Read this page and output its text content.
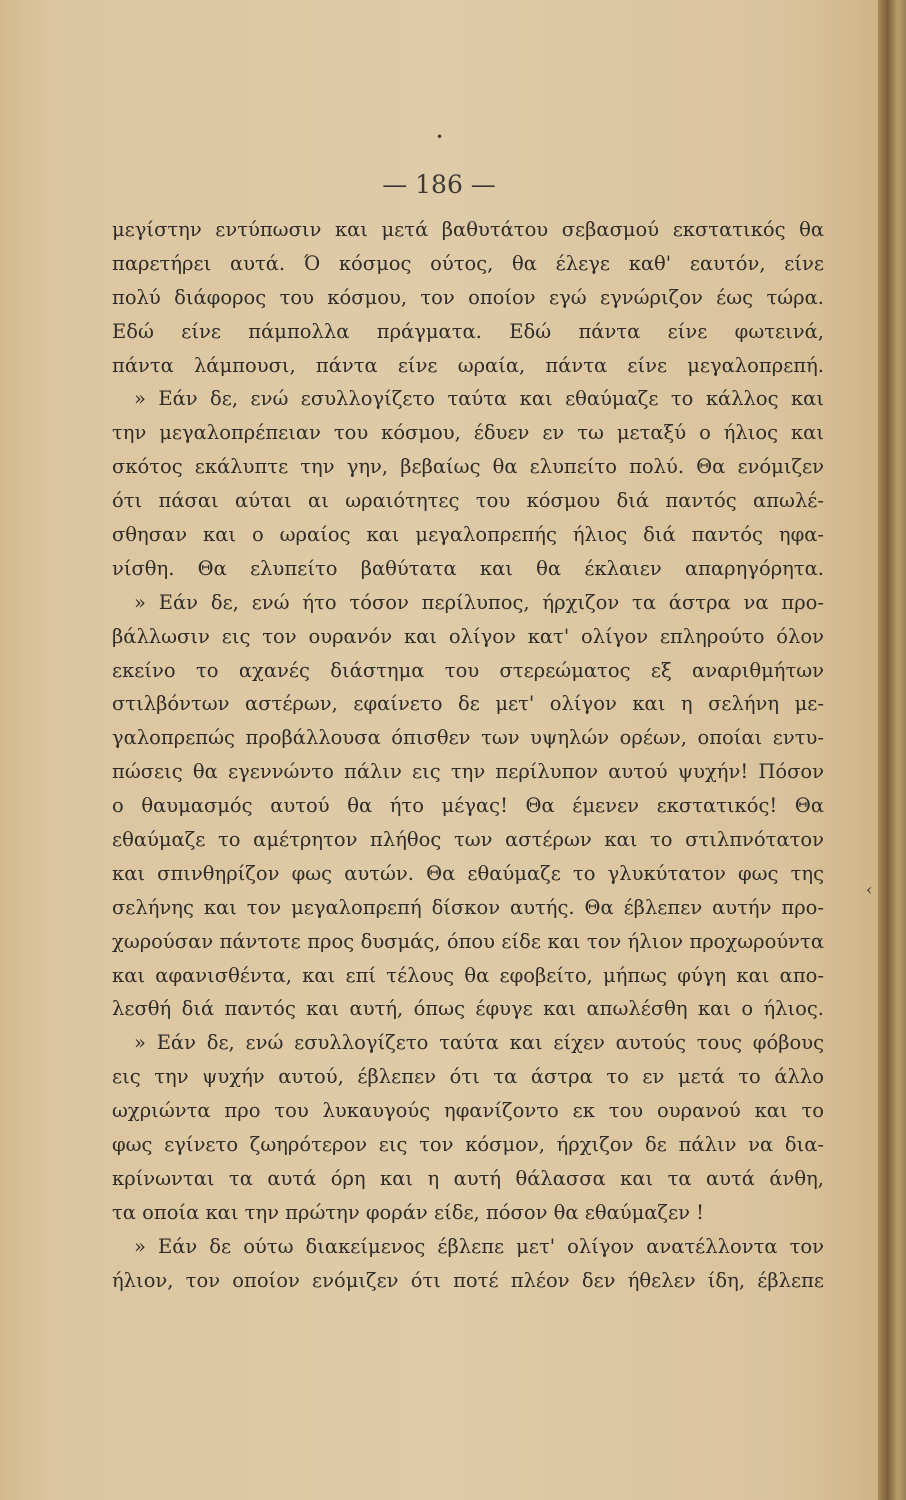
•
— 186 —
‹
μεγίστην εντύπωσιν και μετά βαθυτάτου σεβασμού εκστατικός θα
παρετήρει αυτά. Ό κόσμος ούτος, θα έλεγε καθ' εαυτόν, είνε
πολύ διάφορος του κόσμου, τον οποίον εγώ εγνώριζον έως τώρα.
Εδώ είνε πάμπολλα πράγματα. Εδώ πάντα είνε φωτεινά,
πάντα λάμπουσι, πάντα είνε ωραία, πάντα είνε μεγαλοπρεπή.
» Εάν δε, ενώ εσυλλογίζετο ταύτα και εθαύμαζε το κάλλος και
την μεγαλοπρέπειαν του κόσμου, έδυεν εν τω μεταξύ ο ήλιος και
σκότος εκάλυπτε την γην, βεβαίως θα ελυπείτο πολύ. Θα ενόμιζεν
ότι πάσαι αύται αι ωραιότητες του κόσμου διά παντός απωλέ-
σθησαν και ο ωραίος και μεγαλοπρεπής ήλιος διά παντός ηφα-
νίσθη. Θα ελυπείτο βαθύτατα και θα έκλαιεν απαρηγόρητα.
» Εάν δε, ενώ ήτο τόσον περίλυπος, ήρχιζον τα άστρα να προ-
βάλλωσιν εις τον ουρανόν και ολίγον κατ' ολίγον επληρούτο όλον
εκείνο το αχανές διάστημα του στερεώματος εξ αναριθμήτων
στιλβόντων αστέρων, εφαίνετο δε μετ' ολίγον και η σελήνη με-
γαλοπρεπώς προβάλλουσα όπισθεν των υψηλών ορέων, οποίαι εντυ-
πώσεις θα εγεννώντο πάλιν εις την περίλυπον αυτού ψυχήν! Πόσον
ο θαυμασμός αυτού θα ήτο μέγας! Θα έμενεν εκστατικός! Θα
εθαύμαζε το αμέτρητον πλήθος των αστέρων και το στιλπνότατον
και σπινθηρίζον φως αυτών. Θα εθαύμαζε το γλυκύτατον φως της
σελήνης και τον μεγαλοπρεπή δίσκον αυτής. Θα έβλεπεν αυτήν προ-
χωρούσαν πάντοτε προς δυσμάς, όπου είδε και τον ήλιον προχωρούντα
και αφανισθέντα, και επί τέλους θα εφοβείτο, μήπως φύγη και απο-
λεσθή διά παντός και αυτή, όπως έφυγε και απωλέσθη και ο ήλιος.
» Εάν δε, ενώ εσυλλογίζετο ταύτα και είχεν αυτούς τους φόβους
εις την ψυχήν αυτού, έβλεπεν ότι τα άστρα το εν μετά το άλλο
ωχριώντα προ του λυκαυγούς ηφανίζοντο εκ του ουρανού και το
φως εγίνετο ζωηρότερον εις τον κόσμον, ήρχιζον δε πάλιν να δια-
κρίνωνται τα αυτά όρη και η αυτή θάλασσα και τα αυτά άνθη,
τα οποία και την πρώτην φοράν είδε, πόσον θα εθαύμαζεν !
» Εάν δε ούτω διακείμενος έβλεπε μετ' ολίγον ανατέλλοντα τον
ήλιον, τον οποίον ενόμιζεν ότι ποτέ πλέον δεν ήθελεν ίδη, έβλεπε
